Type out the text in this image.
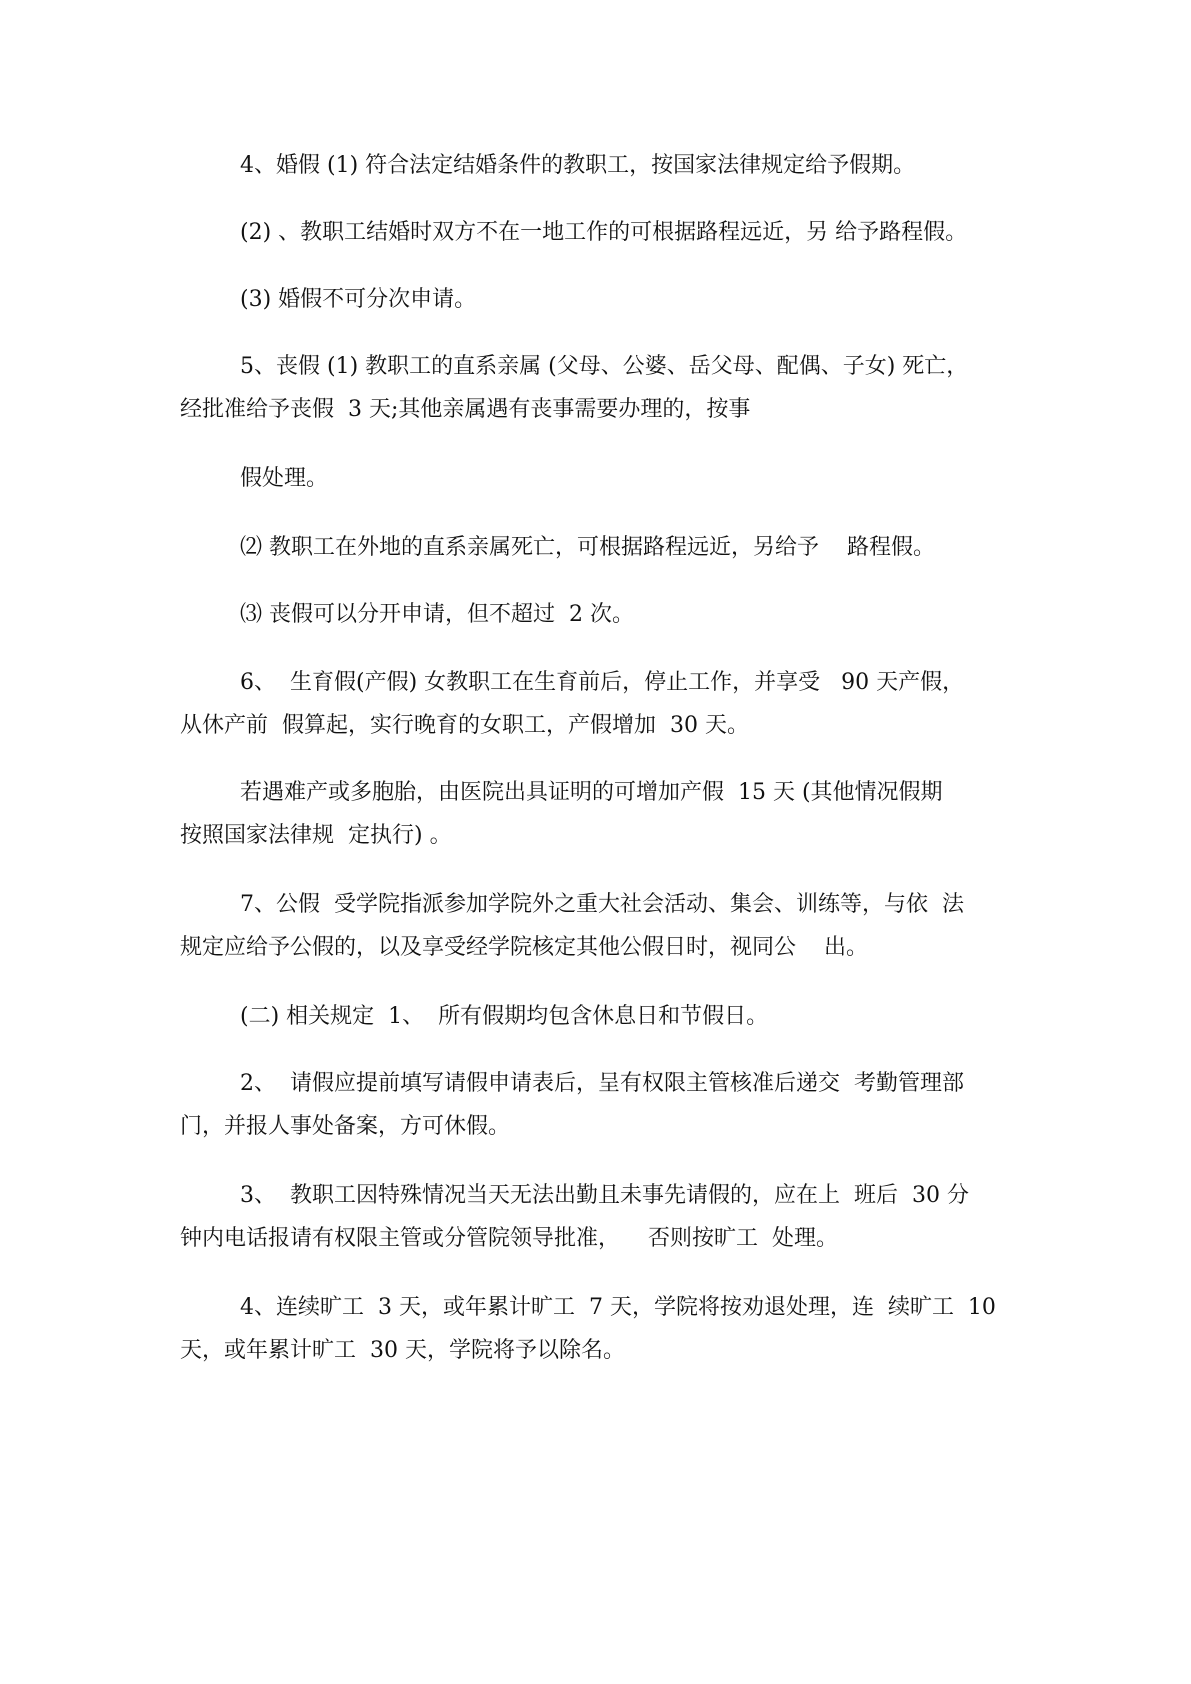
4、婚假 (1) 符合法定结婚条件的教职工，按国家法律规定给予假期。
(2) 、教职工结婚时双方不在一地工作的可根据路程远近，另 给予路程假。
(3) 婚假不可分次申请。
5、丧假 (1) 教职工的直系亲属 (父母、公婆、岳父母、配偶、子女) 死亡，
经批准给予丧假  3 天;其他亲属遇有丧事需要办理的，按事
假处理。
⑵ 教职工在外地的直系亲属死亡，可根据路程远近，另给予    路程假。
⑶ 丧假可以分开申请，但不超过  2 次。
6、  生育假(产假) 女教职工在生育前后，停止工作，并享受   90 天产假，
从休产前  假算起，实行晚育的女职工，产假增加  30 天。
若遇难产或多胞胎，由医院出具证明的可增加产假  15 天 (其他情况假期
按照国家法律规  定执行) 。
7、公假  受学院指派参加学院外之重大社会活动、集会、训练等，与依  法
规定应给予公假的，以及享受经学院核定其他公假日时，视同公    出。
(二) 相关规定  1、  所有假期均包含休息日和节假日。
2、  请假应提前填写请假申请表后，呈有权限主管核准后递交  考勤管理部
门，并报人事处备案，方可休假。
3、  教职工因特殊情况当天无法出勤且未事先请假的，应在上  班后  30 分
钟内电话报请有权限主管或分管院领导批准，    否则按旷工  处理。
4、连续旷工  3 天，或年累计旷工  7 天，学院将按劝退处理，连  续旷工  10
天，或年累计旷工  30 天，学院将予以除名。
